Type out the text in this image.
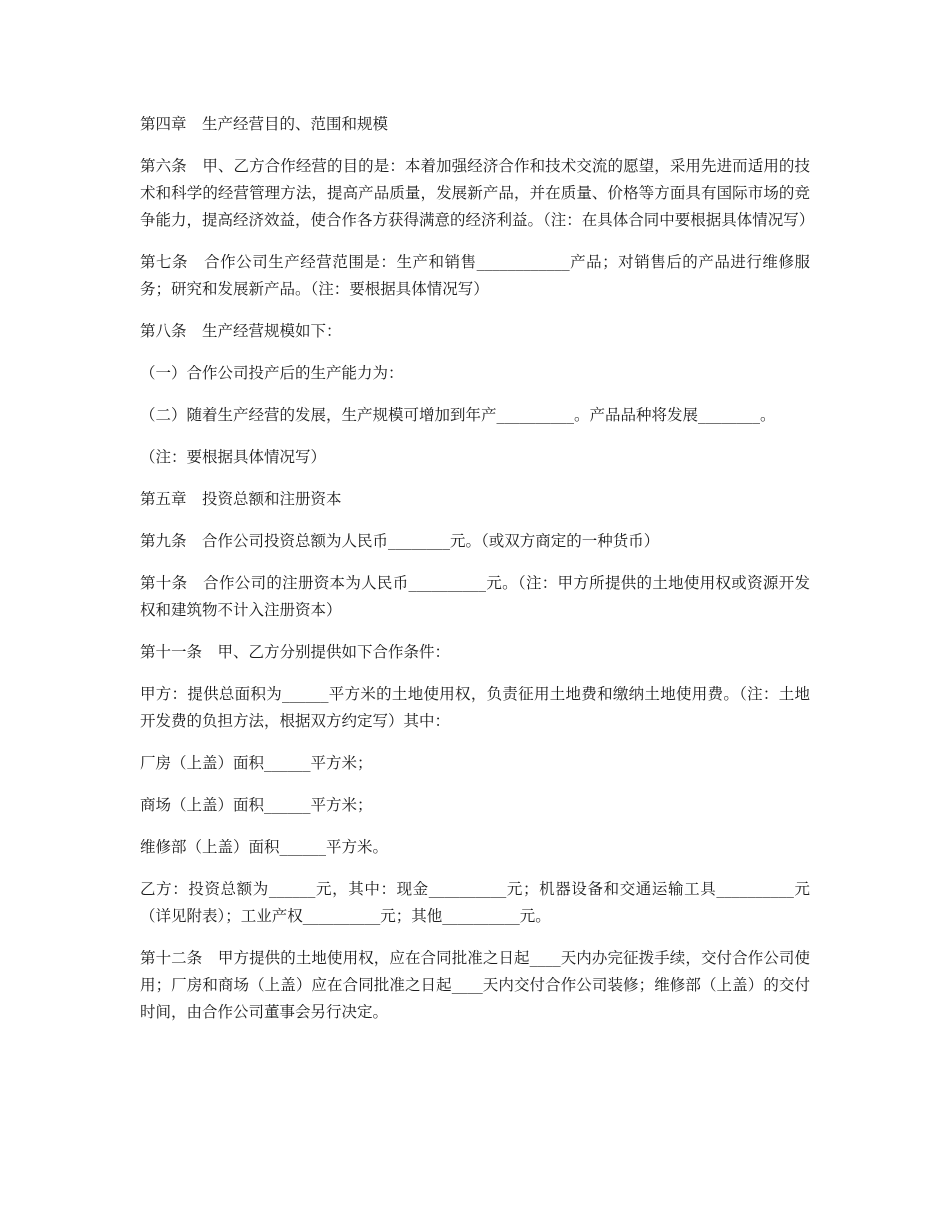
第四章　生产经营目的、范围和规模

第六条　甲、乙方合作经营的目的是：本着加强经济合作和技术交流的愿望，采用先进而适用的技术和科学的经营管理方法，提高产品质量，发展新产品，并在质量、价格等方面具有国际市场的竞争能力，提高经济效益，使合作各方获得满意的经济利益。（注：在具体合同中要根据具体情况写）

第七条　合作公司生产经营范围是：生产和销售____________产品；对销售后的产品进行维修服务；研究和发展新产品。（注：要根据具体情况写）

第八条　生产经营规模如下：

（一）合作公司投产后的生产能力为：

（二）随着生产经营的发展，生产规模可增加到年产__________。产品品种将发展________。

（注：要根据具体情况写）

第五章　投资总额和注册资本

第九条　合作公司投资总额为人民币________元。（或双方商定的一种货币）

第十条　合作公司的注册资本为人民币__________元。（注：甲方所提供的土地使用权或资源开发权和建筑物不计入注册资本）

第十一条　甲、乙方分别提供如下合作条件：

甲方：提供总面积为______平方米的土地使用权，负责征用土地费和缴纳土地使用费。（注：土地开发费的负担方法，根据双方约定写）其中：

厂房（上盖）面积______平方米；

商场（上盖）面积______平方米；

维修部（上盖）面积______平方米。

乙方：投资总额为______元，其中：现金__________元；机器设备和交通运输工具__________元（详见附表）；工业产权__________元；其他__________元。

第十二条　甲方提供的土地使用权，应在合同批准之日起____天内办完征拨手续，交付合作公司使用；厂房和商场（上盖）应在合同批准之日起____天内交付合作公司装修；维修部（上盖）的交付时间，由合作公司董事会另行决定。
